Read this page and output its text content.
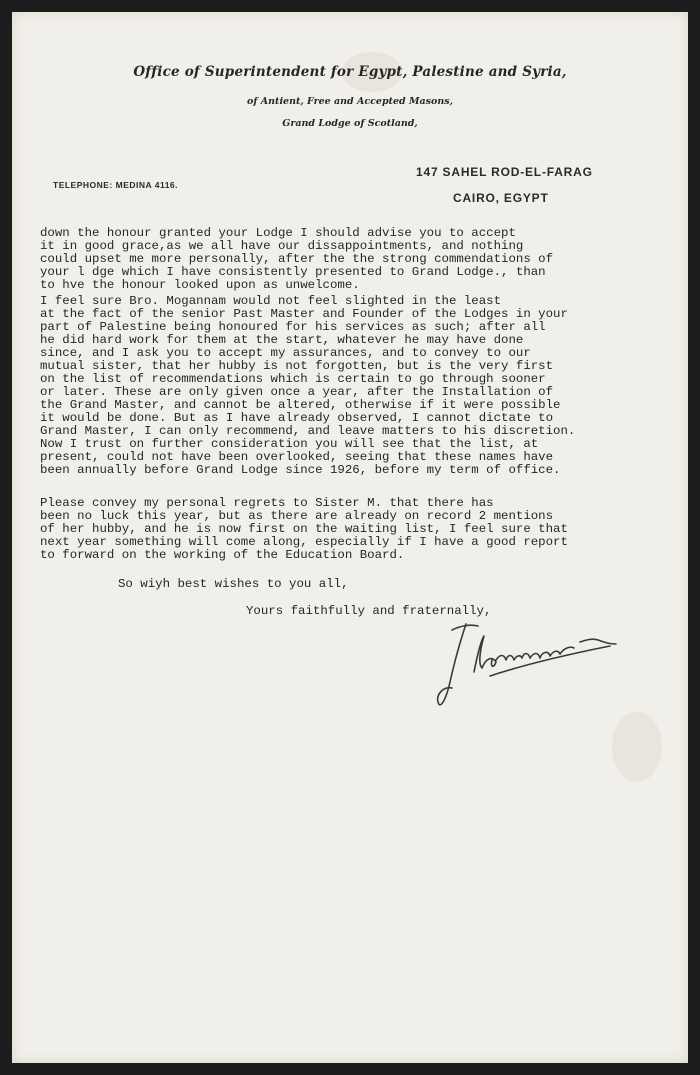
Office of Superintendent for Egypt, Palestine and Syria,
of Antient, Free and Accepted Masons,
Grand Lodge of Scotland,
147 SAHEL ROD-EL-FARAG
TELEPHONE: MEDINA 4116.
CAIRO, EGYPT
down the honour granted your Lodge I should advise you to accept
it in good grace,as we all have our dissappointments, and nothing
could upset me more personally, after the the strong commendations of
your l dge which I have consistently presented to Grand Lodge., than
to hve the honour looked upon as unwelcome.
I feel sure Bro. Mogannam would not feel slighted in the least
at the fact of the senior Past Master and Founder of the Lodges in your
part of Palestine being honoured for his services as such; after all
he did hard work for them at the start, whatever he may have done
since, and I ask you to accept my assurances, and to convey to our
mutual sister, that her hubby is not forgotten, but is the very first
on the list of recommendations which is certain to go through sooner
or later. These are only given once a year, after the Installation of
the Grand Master, and cannot be altered, otherwise if it were possible
it would be done. But as I have already observed, I cannot dictate to
Grand Master, I can only recommend, and leave matters to his discretion.
Now I trust on further consideration you will see that the list, at
present, could not have been overlooked, seeing that these names have
been annually before Grand Lodge since 1926, before my term of office.
Please convey my personal regrets to Sister M. that there has
been no luck this year, but as there are already on record 2 mentions
of her hubby, and he is now first on the waiting list, I feel sure that
next year something will come along, especially if I have a good report
to forward on the working of the Education Board.
So wiyh best wishes to you all,
Yours faithfully and fraternally,
